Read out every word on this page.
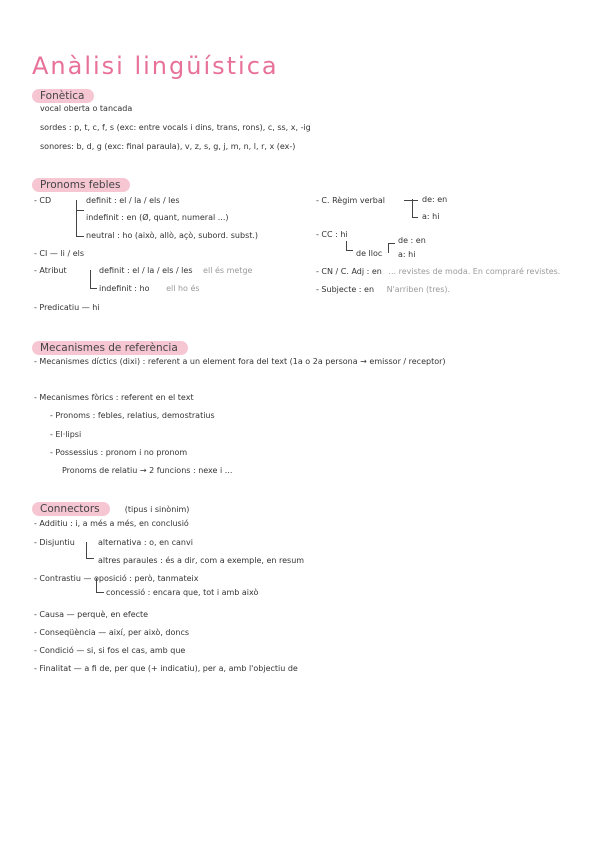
Anàlisi lingüística
Fonètica
vocal oberta o tancada
sordes : p, t, c, f, s (exc: entre vocals i dins, trans, rons), c, ss, x, -ig
sonores: b, d, g (exc: final paraula), v, z, s, g, j, m, n, l, r, x (ex-)
Pronoms febles
- CD	definit : el / la / els / les
indefinit : en (Ø, quant, numeral ...)
neutral : ho (això, allò, açò, subord. subst.)
- CI — li / els
- Atribut	definit : el / la / els / les ell és metge
indefinit : ho ell ho és
- Predicatiu — hi
- C. Règim verbal	de: en
a: hi
- CC : hi
de lloc
de : en
a: hi
- CN / C. Adj : en ... revistes de moda. En compraré revistes.
- Subjecte : en N'arriben (tres).
Mecanismes de referència
- Mecanismes díctics (dixi) : referent a un element fora del text (1a o 2a persona → emissor / receptor)
- Mecanismes fòrics : referent en el text
- Pronoms : febles, relatius, demostratius
- El·lipsi
- Possessius : pronom i no pronom
Pronoms de relatiu → 2 funcions : nexe i ...
Connectors	(tipus i sinònim)
- Additiu : i, a més a més, en conclusió
- Disjuntiu	alternativa : o, en canvi
altres paraules : és a dir, com a exemple, en resum
- Contrastiu — oposició : però, tanmateix
concessió : encara que, tot i amb això
- Causa — perquè, en efecte
- Conseqüència — així, per això, doncs
- Condició — si, si fos el cas, amb que
- Finalitat — a fi de, per que (+ indicatiu), per a, amb l'objectiu de
